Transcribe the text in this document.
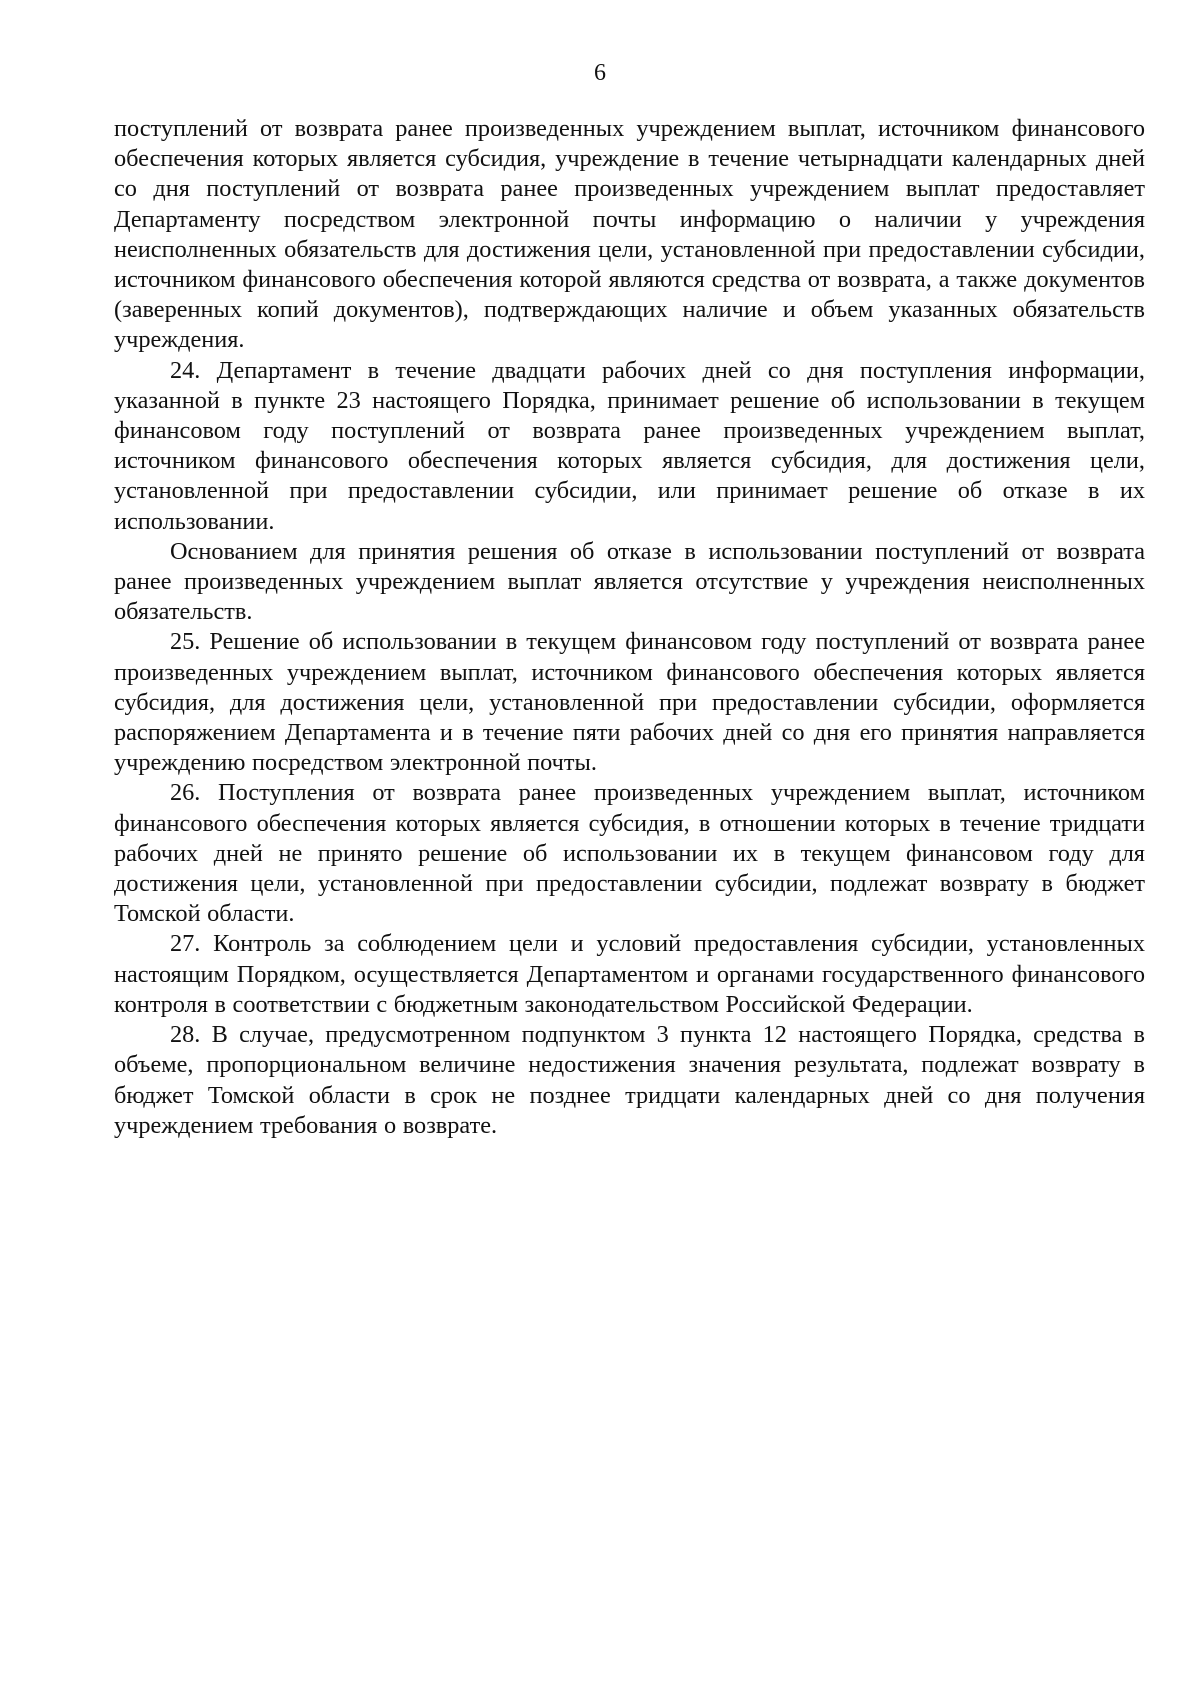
6

поступлений от возврата ранее произведенных учреждением выплат, источником финансового обеспечения которых является субсидия, учреждение в течение четырнадцати календарных дней со дня поступлений от возврата ранее произведенных учреждением выплат предоставляет Департаменту посредством электронной почты информацию о наличии у учреждения неисполненных обязательств для достижения цели, установленной при предоставлении субсидии, источником финансового обеспечения которой являются средства от возврата, а также документов (заверенных копий документов), подтверждающих наличие и объем указанных обязательств учреждения.

24. Департамент в течение двадцати рабочих дней со дня поступления информации, указанной в пункте 23 настоящего Порядка, принимает решение об использовании в текущем финансовом году поступлений от возврата ранее произведенных учреждением выплат, источником финансового обеспечения которых является субсидия, для достижения цели, установленной при предоставлении субсидии, или принимает решение об отказе в их использовании.

Основанием для принятия решения об отказе в использовании поступлений от возврата ранее произведенных учреждением выплат является отсутствие у учреждения неисполненных обязательств.

25. Решение об использовании в текущем финансовом году поступлений от возврата ранее произведенных учреждением выплат, источником финансового обеспечения которых является субсидия, для достижения цели, установленной при предоставлении субсидии, оформляется распоряжением Департамента и в течение пяти рабочих дней со дня его принятия направляется учреждению посредством электронной почты.

26. Поступления от возврата ранее произведенных учреждением выплат, источником финансового обеспечения которых является субсидия, в отношении которых в течение тридцати рабочих дней не принято решение об использовании их в текущем финансовом году для достижения цели, установленной при предоставлении субсидии, подлежат возврату в бюджет Томской области.

27. Контроль за соблюдением цели и условий предоставления субсидии, установленных настоящим Порядком, осуществляется Департаментом и органами государственного финансового контроля в соответствии с бюджетным законодательством Российской Федерации.

28. В случае, предусмотренном подпунктом 3 пункта 12 настоящего Порядка, средства в объеме, пропорциональном величине недостижения значения результата, подлежат возврату в бюджет Томской области в срок не позднее тридцати календарных дней со дня получения учреждением требования о возврате.
